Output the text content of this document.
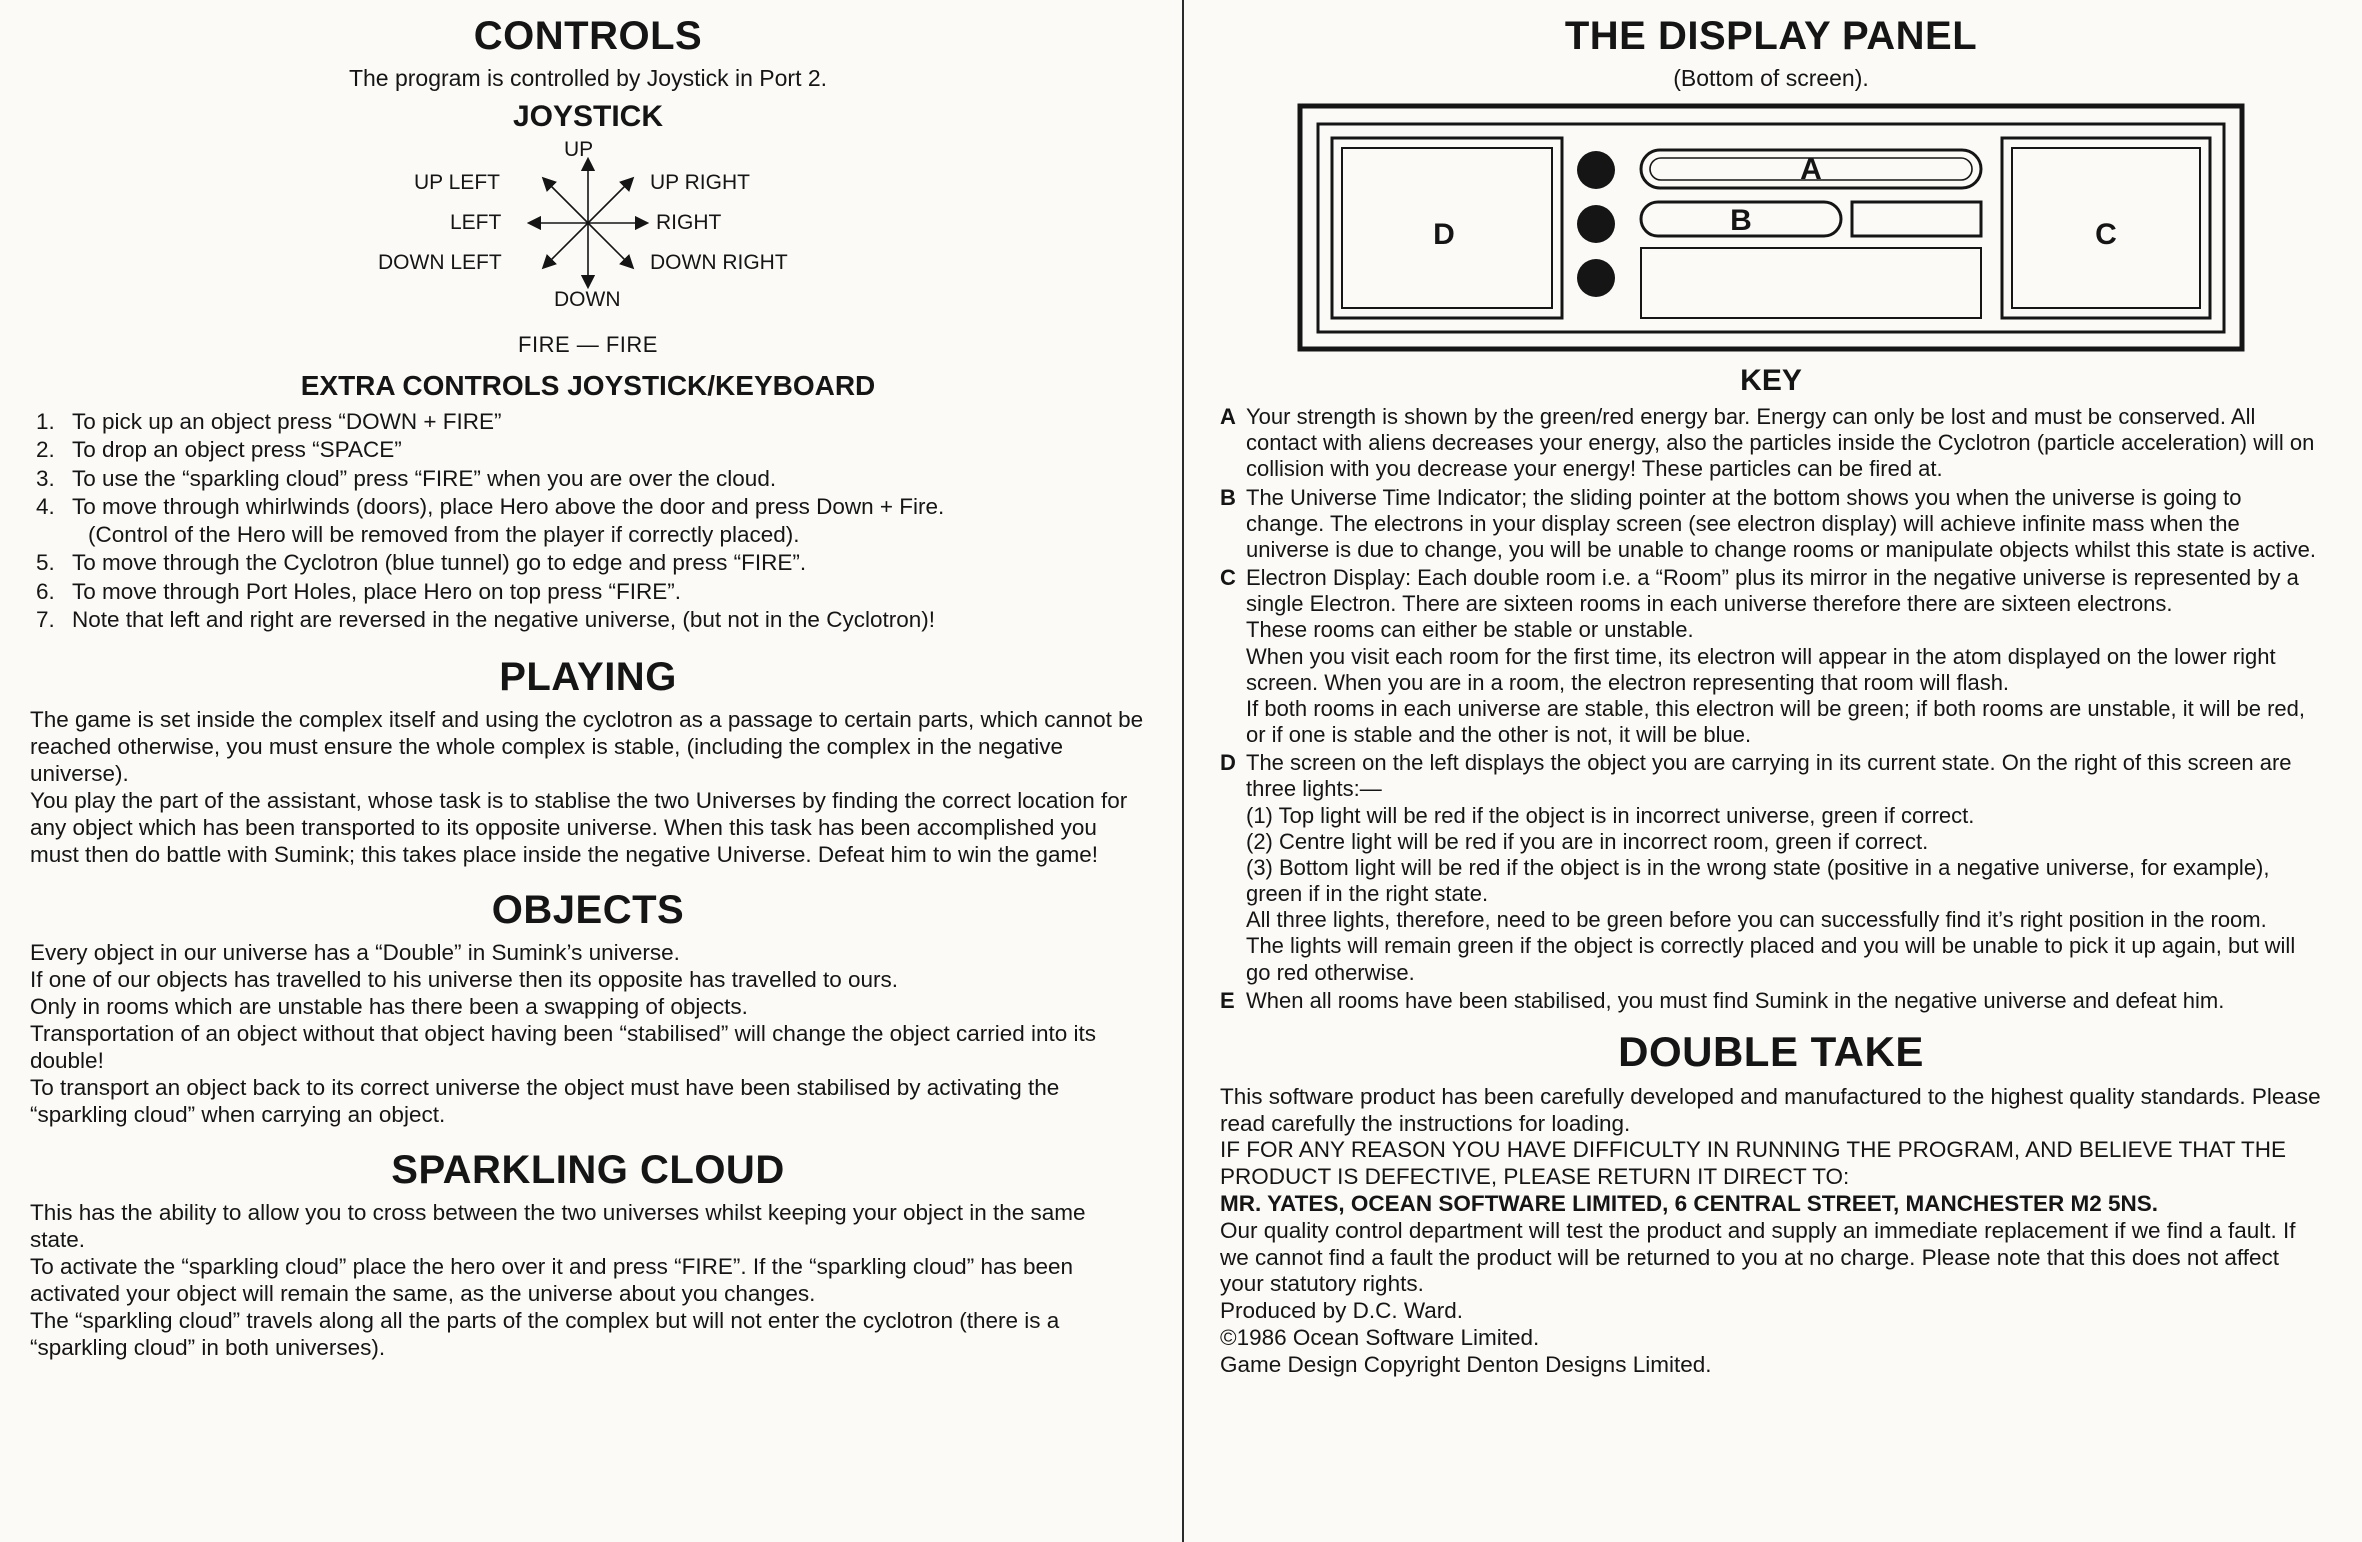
CONTROLS

The program is controlled by Joystick in Port 2.

JOYSTICK
UP
UP LEFT	UP RIGHT
LEFT	RIGHT
DOWN LEFT	DOWN RIGHT
DOWN
FIRE — FIRE
EXTRA CONTROLS JOYSTICK/KEYBOARD
1. To pick up an object press “DOWN + FIRE”
2. To drop an object press “SPACE”
3. To use the “sparkling cloud” press “FIRE” when you are over the cloud.
4. To move through whirlwinds (doors), place Hero above the door and press Down + Fire.
(Control of the Hero will be removed from the player if correctly placed).
5. To move through the Cyclotron (blue tunnel) go to edge and press “FIRE”.
6. To move through Port Holes, place Hero on top press “FIRE”.
7. Note that left and right are reversed in the negative universe, (but not in the Cyclotron)!
PLAYING

The game is set inside the complex itself and using the cyclotron as a passage to certain parts, which cannot be reached otherwise, you must ensure the whole complex is stable, (including the complex in the negative universe).

You play the part of the assistant, whose task is to stablise the two Universes by finding the correct location for any object which has been transported to its opposite universe. When this task has been accomplished you must then do battle with Sumink; this takes place inside the negative Universe. Defeat him to win the game!

OBJECTS

Every object in our universe has a “Double” in Sumink’s universe.

If one of our objects has travelled to his universe then its opposite has travelled to ours.

Only in rooms which are unstable has there been a swapping of objects.

Transportation of an object without that object having been “stabilised” will change the object carried into its double!

To transport an object back to its correct universe the object must have been stabilised by activating the “sparkling cloud” when carrying an object.

SPARKLING CLOUD

This has the ability to allow you to cross between the two universes whilst keeping your object in the same state.

To activate the “sparkling cloud” place the hero over it and press “FIRE”. If the “sparkling cloud” has been activated your object will remain the same, as the universe about you changes.

The “sparkling cloud” travels along all the parts of the complex but will not enter the cyclotron (there is a “sparkling cloud” in both universes).

THE DISPLAY PANEL

(Bottom of screen).

D
A
B	C
KEY
A Your strength is shown by the green/red energy bar. Energy can only be lost and must be conserved. All contact with aliens decreases your energy, also the particles inside the Cyclotron (particle acceleration) will on collision with you decrease your energy! These particles can be fired at.
B The Universe Time Indicator; the sliding pointer at the bottom shows you when the universe is going to change. The electrons in your display screen (see electron display) will achieve infinite mass when the universe is due to change, you will be unable to change rooms or manipulate objects whilst this state is active.
C Electron Display: Each double room i.e. a “Room” plus its mirror in the negative universe is represented by a single Electron. There are sixteen rooms in each universe therefore there are sixteen electrons.
These rooms can either be stable or unstable.
When you visit each room for the first time, its electron will appear in the atom displayed on the lower right screen. When you are in a room, the electron representing that room will flash.
If both rooms in each universe are stable, this electron will be green; if both rooms are unstable, it will be red, or if one is stable and the other is not, it will be blue.
D The screen on the left displays the object you are carrying in its current state. On the right of this screen are three lights:—
(1) Top light will be red if the object is in incorrect universe, green if correct.
(2) Centre light will be red if you are in incorrect room, green if correct.
(3) Bottom light will be red if the object is in the wrong state (positive in a negative universe, for example), green if in the right state.
All three lights, therefore, need to be green before you can successfully find it’s right position in the room.
The lights will remain green if the object is correctly placed and you will be unable to pick it up again, but will go red otherwise.
E When all rooms have been stabilised, you must find Sumink in the negative universe and defeat him.
DOUBLE TAKE

This software product has been carefully developed and manufactured to the highest quality standards. Please read carefully the instructions for loading.

IF FOR ANY REASON YOU HAVE DIFFICULTY IN RUNNING THE PROGRAM, AND BELIEVE THAT THE PRODUCT IS DEFECTIVE, PLEASE RETURN IT DIRECT TO:

MR. YATES, OCEAN SOFTWARE LIMITED, 6 CENTRAL STREET, MANCHESTER M2 5NS.

Our quality control department will test the product and supply an immediate replacement if we find a fault. If we cannot find a fault the product will be returned to you at no charge. Please note that this does not affect your statutory rights.

Produced by D.C. Ward.

©1986 Ocean Software Limited.

Game Design Copyright Denton Designs Limited.
